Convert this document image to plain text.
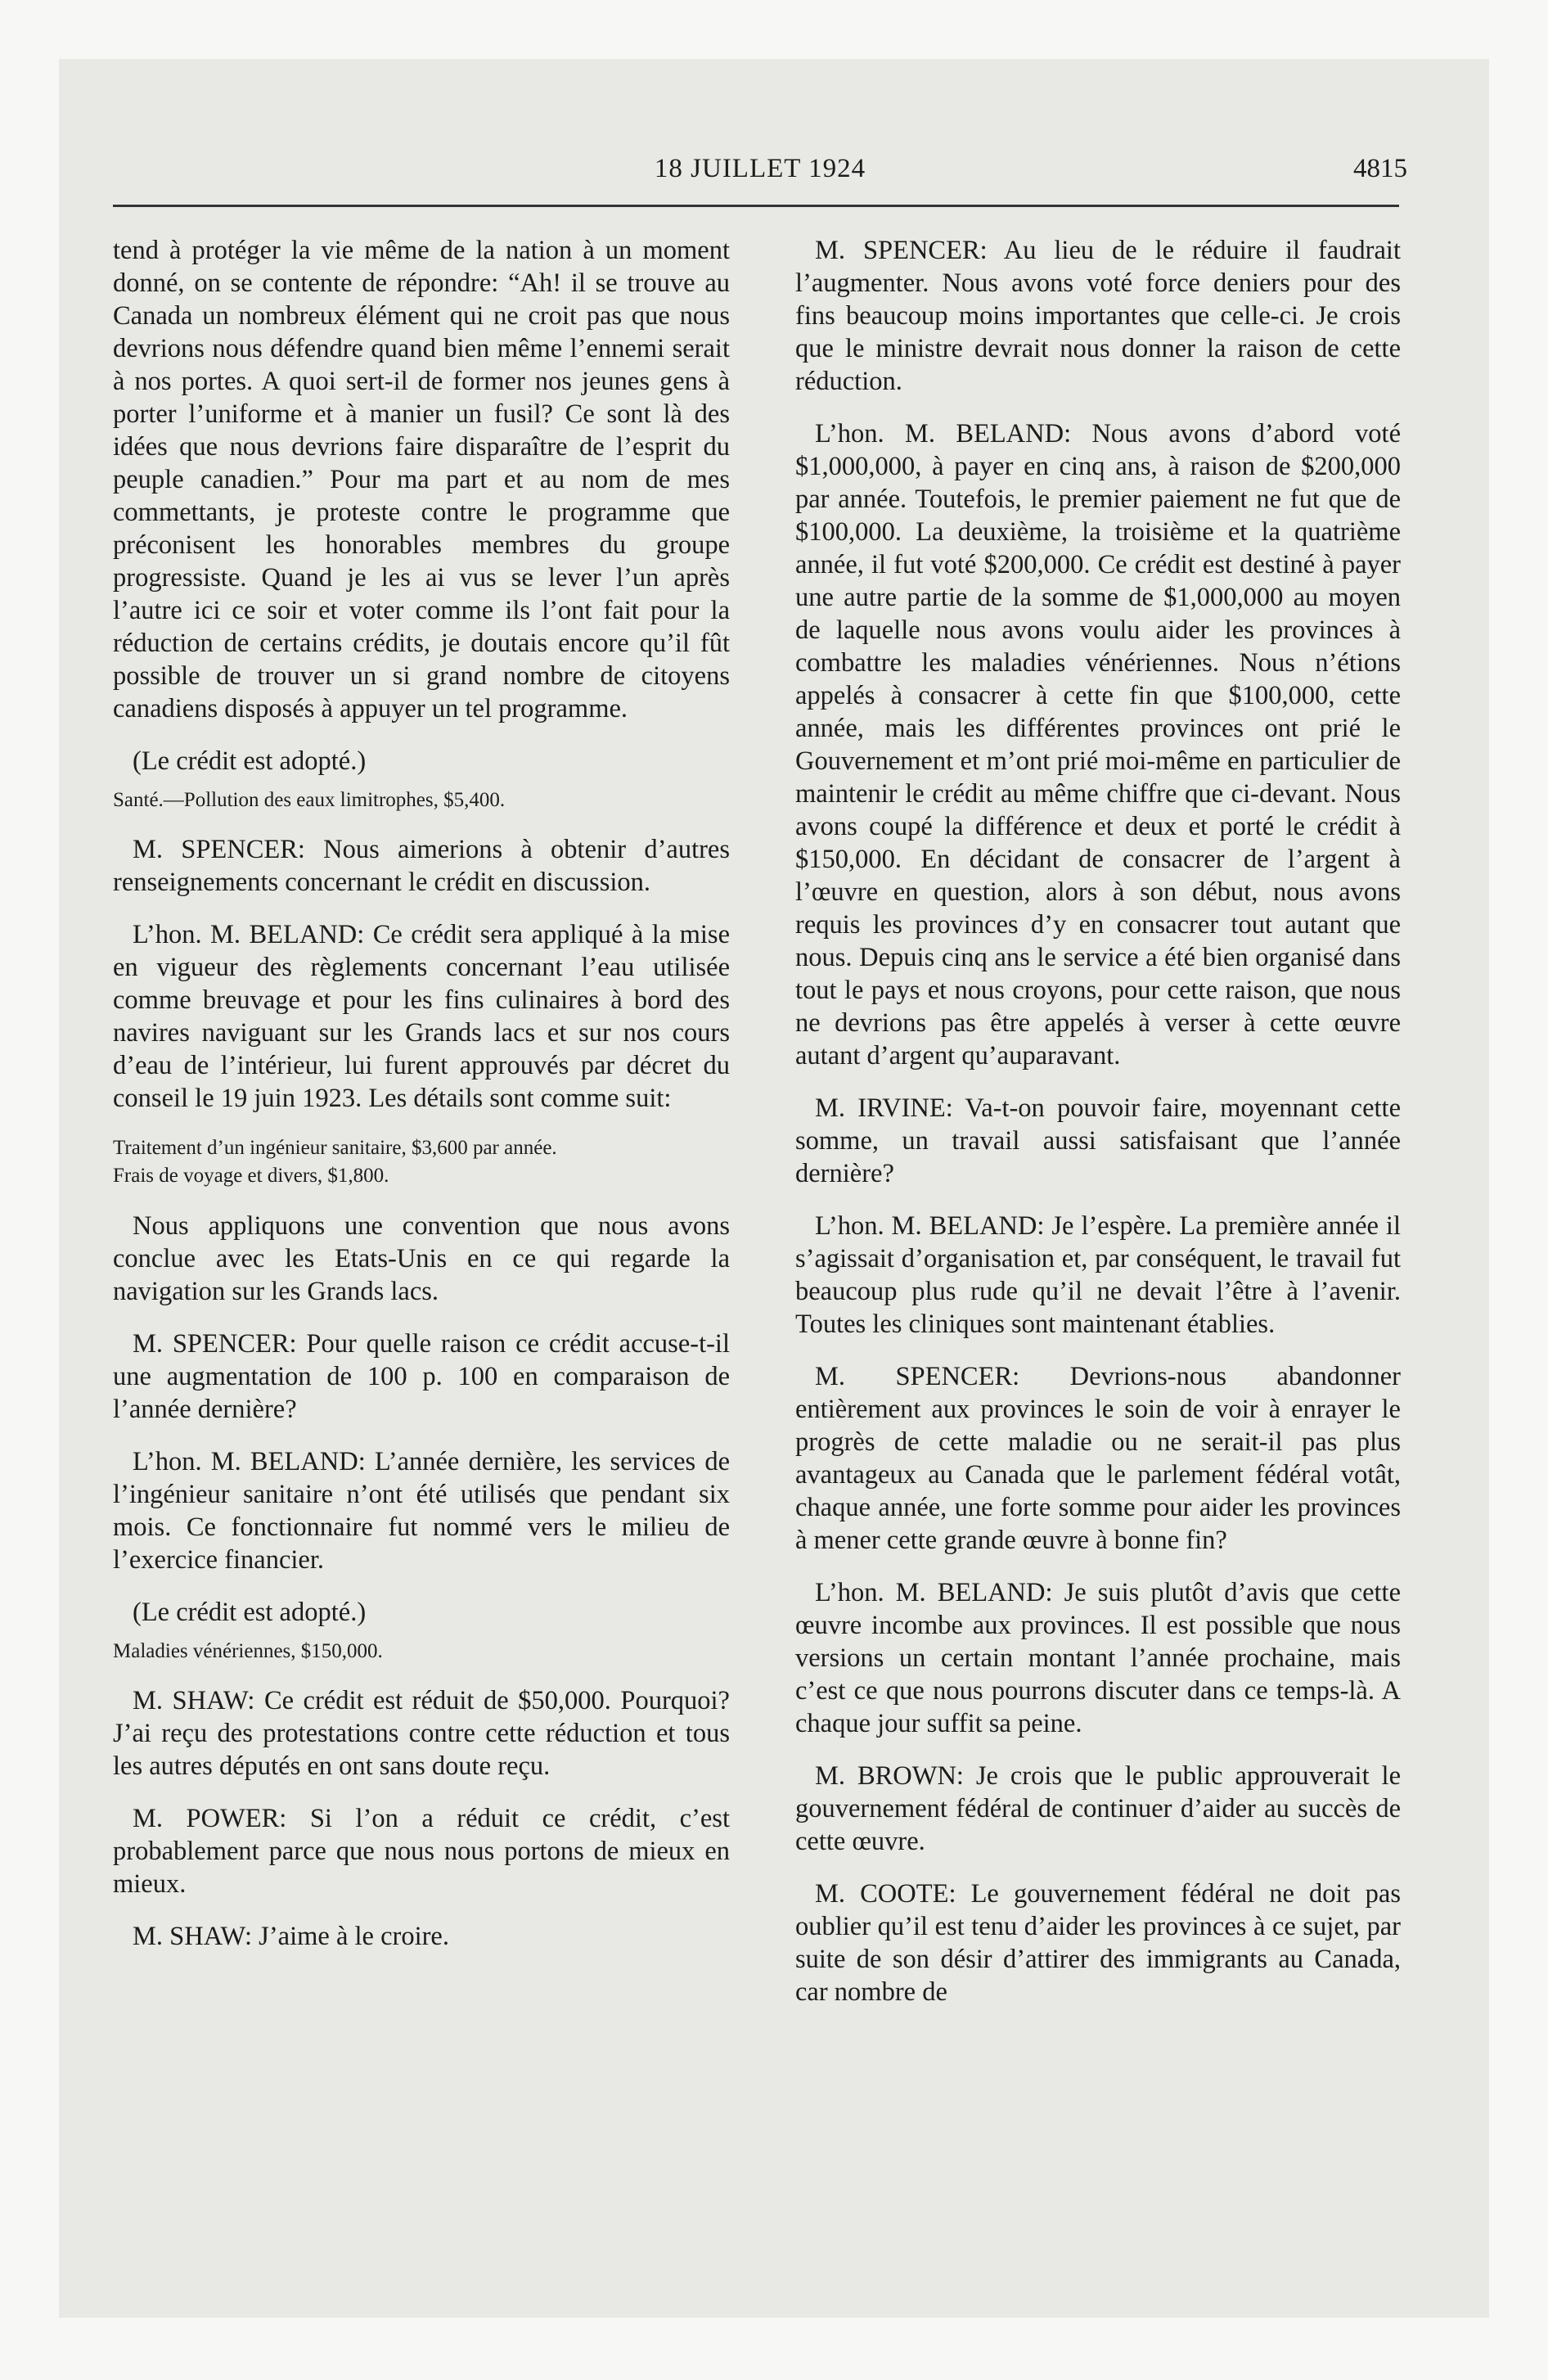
18 JUILLET 1924	4815

tend à protéger la vie même de la nation à un moment donné, on se contente de répondre: “Ah! il se trouve au Canada un nombreux élément qui ne croit pas que nous devrions nous défendre quand bien même l’ennemi serait à nos portes. A quoi sert-il de former nos jeunes gens à porter l’uniforme et à manier un fusil? Ce sont là des idées que nous devrions faire disparaître de l’esprit du peuple canadien.” Pour ma part et au nom de mes commettants, je proteste contre le programme que préconisent les honorables membres du groupe progressiste. Quand je les ai vus se lever l’un après l’autre ici ce soir et voter comme ils l’ont fait pour la réduction de certains crédits, je doutais encore qu’il fût possible de trouver un si grand nombre de citoyens canadiens disposés à appuyer un tel programme.

(Le crédit est adopté.)

Santé.—Pollution des eaux limitrophes, $5,400.

M. SPENCER: Nous aimerions à obtenir d’autres renseignements concernant le crédit en discussion.

L’hon. M. BELAND: Ce crédit sera appliqué à la mise en vigueur des règlements concernant l’eau utilisée comme breuvage et pour les fins culinaires à bord des navires naviguant sur les Grands lacs et sur nos cours d’eau de l’intérieur, lui furent approuvés par décret du conseil le 19 juin 1923. Les détails sont comme suit:

Traitement d’un ingénieur sanitaire, $3,600 par année.

Frais de voyage et divers, $1,800.

Nous appliquons une convention que nous avons conclue avec les Etats-Unis en ce qui regarde la navigation sur les Grands lacs.

M. SPENCER: Pour quelle raison ce crédit accuse-t-il une augmentation de 100 p. 100 en comparaison de l’année dernière?

L’hon. M. BELAND: L’année dernière, les services de l’ingénieur sanitaire n’ont été utilisés que pendant six mois. Ce fonctionnaire fut nommé vers le milieu de l’exercice financier.

(Le crédit est adopté.)

Maladies vénériennes, $150,000.

M. SHAW: Ce crédit est réduit de $50,000. Pourquoi? J’ai reçu des protestations contre cette réduction et tous les autres députés en ont sans doute reçu.

M. POWER: Si l’on a réduit ce crédit, c’est probablement parce que nous nous portons de mieux en mieux.

M. SHAW: J’aime à le croire.

M. SPENCER: Au lieu de le réduire il faudrait l’augmenter. Nous avons voté force deniers pour des fins beaucoup moins importantes que celle-ci. Je crois que le ministre devrait nous donner la raison de cette réduction.

L’hon. M. BELAND: Nous avons d’abord voté $1,000,000, à payer en cinq ans, à raison de $200,000 par année. Toutefois, le premier paiement ne fut que de $100,000. La deuxième, la troisième et la quatrième année, il fut voté $200,000. Ce crédit est destiné à payer une autre partie de la somme de $1,000,000 au moyen de laquelle nous avons voulu aider les provinces à combattre les maladies vénériennes. Nous n’étions appelés à consacrer à cette fin que $100,000, cette année, mais les différentes provinces ont prié le Gouvernement et m’ont prié moi-même en particulier de maintenir le crédit au même chiffre que ci-devant. Nous avons coupé la différence et deux et porté le crédit à $150,000. En décidant de consacrer de l’argent à l’œuvre en question, alors à son début, nous avons requis les provinces d’y en consacrer tout autant que nous. Depuis cinq ans le service a été bien organisé dans tout le pays et nous croyons, pour cette raison, que nous ne devrions pas être appelés à verser à cette œuvre autant d’argent qu’auparavant.

M. IRVINE: Va-t-on pouvoir faire, moyennant cette somme, un travail aussi satisfaisant que l’année dernière?

L’hon. M. BELAND: Je l’espère. La première année il s’agissait d’organisation et, par conséquent, le travail fut beaucoup plus rude qu’il ne devait l’être à l’avenir. Toutes les cliniques sont maintenant établies.

M. SPENCER: Devrions-nous abandonner entièrement aux provinces le soin de voir à enrayer le progrès de cette maladie ou ne serait-il pas plus avantageux au Canada que le parlement fédéral votât, chaque année, une forte somme pour aider les provinces à mener cette grande œuvre à bonne fin?

L’hon. M. BELAND: Je suis plutôt d’avis que cette œuvre incombe aux provinces. Il est possible que nous versions un certain montant l’année prochaine, mais c’est ce que nous pourrons discuter dans ce temps-là. A chaque jour suffit sa peine.

M. BROWN: Je crois que le public approuverait le gouvernement fédéral de continuer d’aider au succès de cette œuvre.

M. COOTE: Le gouvernement fédéral ne doit pas oublier qu’il est tenu d’aider les provinces à ce sujet, par suite de son désir d’attirer des immigrants au Canada, car nombre de
